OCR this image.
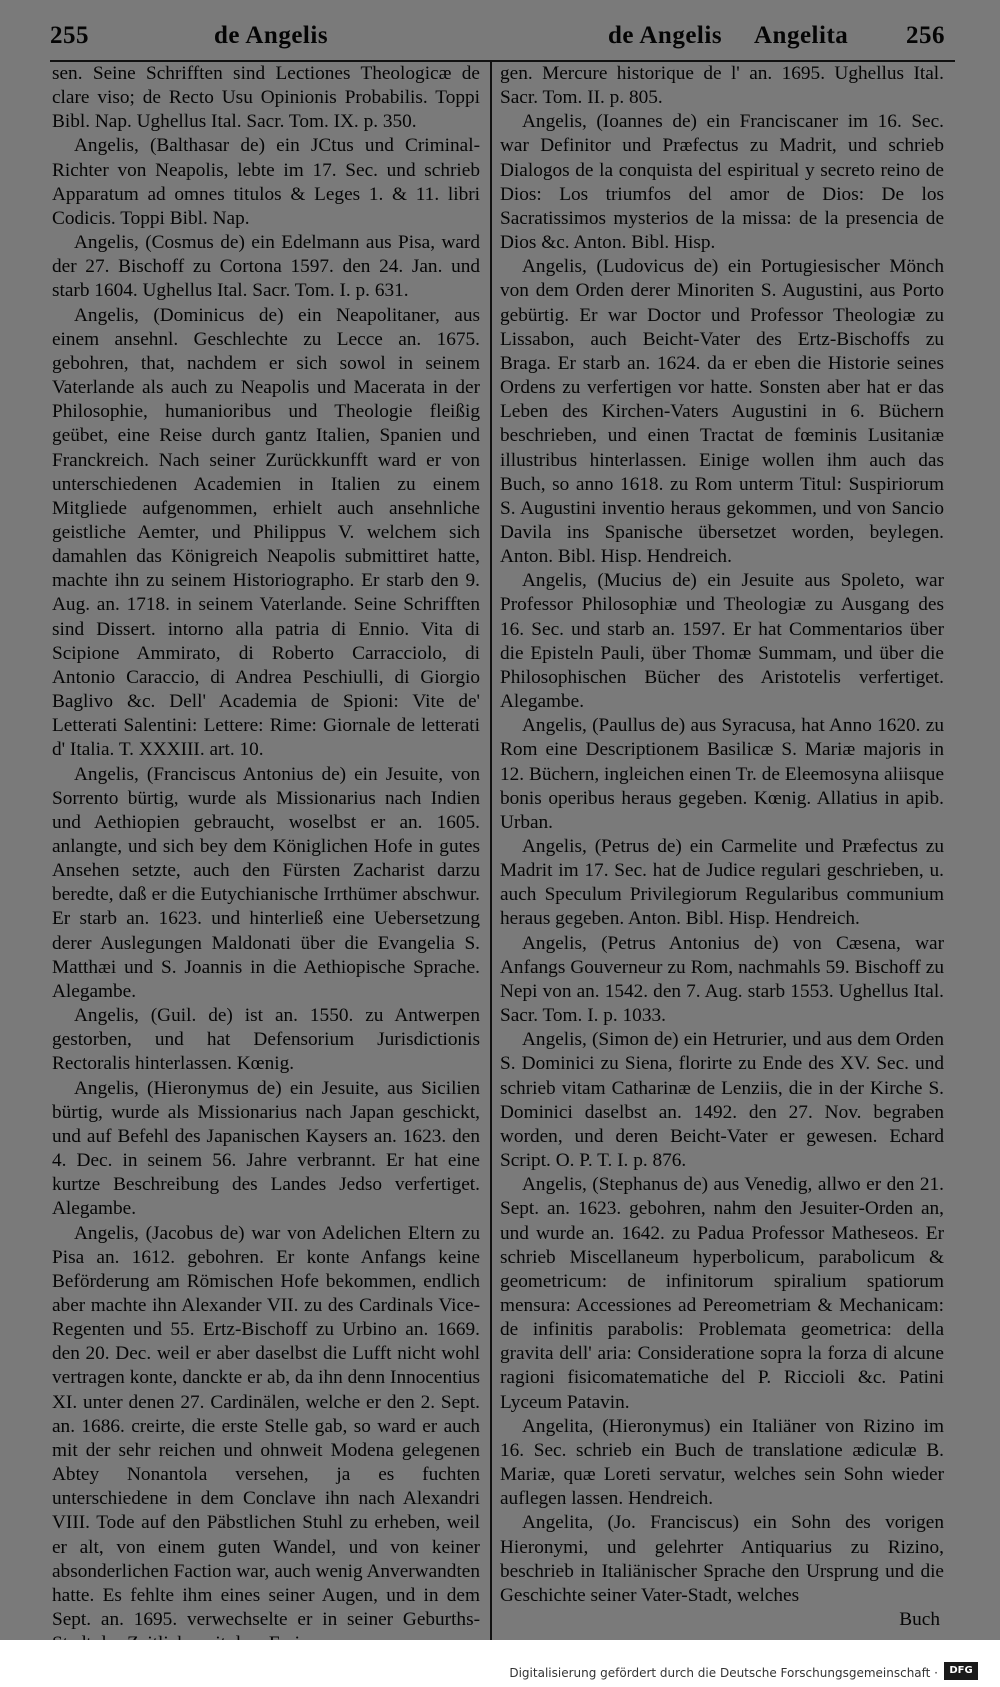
255	de Angelis	de Angelis Angelita 256

sen. Seine Schrifften sind Lectiones Theologicæ de clare viso; de Recto Usu Opinionis Probabilis. Toppi Bibl. Nap. Ughellus Ital. Sacr. Tom. IX. p. 350.

Angelis, (Balthasar de) ein JCtus und Criminal-Richter von Neapolis, lebte im 17. Sec. und schrieb Apparatum ad omnes titulos & Leges 1. & 11. libri Codicis. Toppi Bibl. Nap.

Angelis, (Cosmus de) ein Edelmann aus Pisa, ward der 27. Bischoff zu Cortona 1597. den 24. Jan. und starb 1604. Ughellus Ital. Sacr. Tom. I. p. 631.

Angelis, (Dominicus de) ein Neapolitaner, aus einem ansehnl. Geschlechte zu Lecce an. 1675. gebohren, that, nachdem er sich sowol in seinem Vaterlande als auch zu Neapolis und Macerata in der Philosophie, humanioribus und Theologie fleißig geübet, eine Reise durch gantz Italien, Spanien und Franckreich. Nach seiner Zurückkunfft ward er von unterschiedenen Academien in Italien zu einem Mitgliede aufgenommen, erhielt auch ansehnliche geistliche Aemter, und Philippus V. welchem sich damahlen das Königreich Neapolis submittiret hatte, machte ihn zu seinem Historiographo. Er starb den 9. Aug. an. 1718. in seinem Vaterlande. Seine Schrifften sind Dissert. intorno alla patria di Ennio. Vita di Scipione Ammirato, di Roberto Carracciolo, di Antonio Caraccio, di Andrea Peschiulli, di Giorgio Baglivo &c. Dell' Academia de Spioni: Vite de' Letterati Salentini: Lettere: Rime: Giornale de letterati d' Italia. T. XXXIII. art. 10.

Angelis, (Franciscus Antonius de) ein Jesuite, von Sorrento bürtig, wurde als Missionarius nach Indien und Aethiopien gebraucht, woselbst er an. 1605. anlangte, und sich bey dem Königlichen Hofe in gutes Ansehen setzte, auch den Fürsten Zacharist darzu beredte, daß er die Eutychianische Irrthümer abschwur. Er starb an. 1623. und hinterließ eine Uebersetzung derer Auslegungen Maldonati über die Evangelia S. Matthæi und S. Joannis in die Aethiopische Sprache. Alegambe.

Angelis, (Guil. de) ist an. 1550. zu Antwerpen gestorben, und hat Defensorium Jurisdictionis Rectoralis hinterlassen. Kœnig.

Angelis, (Hieronymus de) ein Jesuite, aus Sicilien bürtig, wurde als Missionarius nach Japan geschickt, und auf Befehl des Japanischen Kaysers an. 1623. den 4. Dec. in seinem 56. Jahre verbrannt. Er hat eine kurtze Beschreibung des Landes Jedso verfertiget. Alegambe.

Angelis, (Jacobus de) war von Adelichen Eltern zu Pisa an. 1612. gebohren. Er konte Anfangs keine Beförderung am Römischen Hofe bekommen, endlich aber machte ihn Alexander VII. zu des Cardinals Vice-Regenten und 55. Ertz-Bischoff zu Urbino an. 1669. den 20. Dec. weil er aber daselbst die Lufft nicht wohl vertragen konte, danckte er ab, da ihn denn Innocentius XI. unter denen 27. Cardinälen, welche er den 2. Sept. an. 1686. creirte, die erste Stelle gab, so ward er auch mit der sehr reichen und ohnweit Modena gelegenen Abtey Nonantola versehen, ja es fuchten unterschiedene in dem Conclave ihn nach Alexandri VIII. Tode auf den Päbstlichen Stuhl zu erheben, weil er alt, von einem guten Wandel, und von keiner absonderlichen Faction war, auch wenig Anverwandten hatte. Es fehlte ihm eines seiner Augen, und in dem Sept. an. 1695. verwechselte er in seiner Geburths-

gen. Mercure historique de l' an. 1695. Ughellus Ital. Sacr. Tom. II. p. 805.

Angelis, (Ioannes de) ein Franciscaner im 16. Sec. war Definitor und Præfectus zu Madrit, und schrieb Dialogos de la conquista del espiritual y secreto reino de Dios: Los triumfos del amor de Dios: De los Sacratissimos mysterios de la missa: de la presencia de Dios &c. Anton. Bibl. Hisp.

Angelis, (Ludovicus de) ein Portugiesischer Mönch von dem Orden derer Minoriten S. Augustini, aus Porto gebürtig. Er war Doctor und Professor Theologiæ zu Lissabon, auch Beicht-Vater des Ertz-Bischoffs zu Braga. Er starb an. 1624. da er eben die Historie seines Ordens zu verfertigen vor hatte. Sonsten aber hat er das Leben des Kirchen-Vaters Augustini in 6. Büchern beschrieben, und einen Tractat de fœminis Lusitaniæ illustribus hinterlassen. Einige wollen ihm auch das Buch, so anno 1618. zu Rom unterm Titul: Suspiriorum S. Augustini inventio heraus gekommen, und von Sancio Davila ins Spanische übersetzet worden, beylegen. Anton. Bibl. Hisp. Hendreich.

Angelis, (Mucius de) ein Jesuite aus Spoleto, war Professor Philosophiæ und Theologiæ zu Ausgang des 16. Sec. und starb an. 1597. Er hat Commentarios über die Episteln Pauli, über Thomæ Summam, und über die Philosophischen Bücher des Aristotelis verfertiget. Alegambe.

Angelis, (Paullus de) aus Syracusa, hat Anno 1620. zu Rom eine Descriptionem Basilicæ S. Mariæ majoris in 12. Büchern, ingleichen einen Tr. de Eleemosyna aliisque bonis operibus heraus gegeben. Kœnig. Allatius in apib. Urban.

Angelis, (Petrus de) ein Carmelite und Præfectus zu Madrit im 17. Sec. hat de Judice regulari geschrieben, u. auch Speculum Privilegiorum Regularibus communium heraus gegeben. Anton. Bibl. Hisp. Hendreich.

Angelis, (Petrus Antonius de) von Cæsena, war Anfangs Gouverneur zu Rom, nachmahls 59. Bischoff zu Nepi von an. 1542. den 7. Aug. starb 1553. Ughellus Ital. Sacr. Tom. I. p. 1033.

Angelis, (Simon de) ein Hetrurier, und aus dem Orden S. Dominici zu Siena, florirte zu Ende des XV. Sec. und schrieb vitam Catharinæ de Lenziis, die in der Kirche S. Dominici daselbst an. 1492. den 27. Nov. begraben worden, und deren Beicht-Vater er gewesen. Echard Script. O. P. T. I. p. 876.

Angelis, (Stephanus de) aus Venedig, allwo er den 21. Sept. an. 1623. gebohren, nahm den Jesuiter-Orden an, und wurde an. 1642. zu Padua Professor Matheseos. Er schrieb Miscellaneum hyperbolicum, parabolicum & geometricum: de infinitorum spiralium spatiorum mensura: Accessiones ad Pereometriam & Mechanicam: de infinitis parabolis: Problemata geometrica: della gravita dell' aria: Consideratione sopra la forza di alcune ragioni fisicomatematiche del P. Riccioli &c. Patini Lyceum Patavin.

Angelita, (Hieronymus) ein Italiäner von Rizino im 16. Sec. schrieb ein Buch de translatione ædiculæ B. Mariæ, quæ Loreti servatur, welches sein Sohn wieder auflegen lassen. Hendreich.

Angelita, (Jo. Franciscus) ein Sohn des vorigen Hieronymi, und gelehrter Antiquarius zu Rizino, beschrieb in Italiänischer Sprache den Ursprung und die Geschichte seiner Vater-Stadt, welches

Buch

Digitalisierung gefördert durch die Deutsche Forschungsgemeinschaft ·	DFG
